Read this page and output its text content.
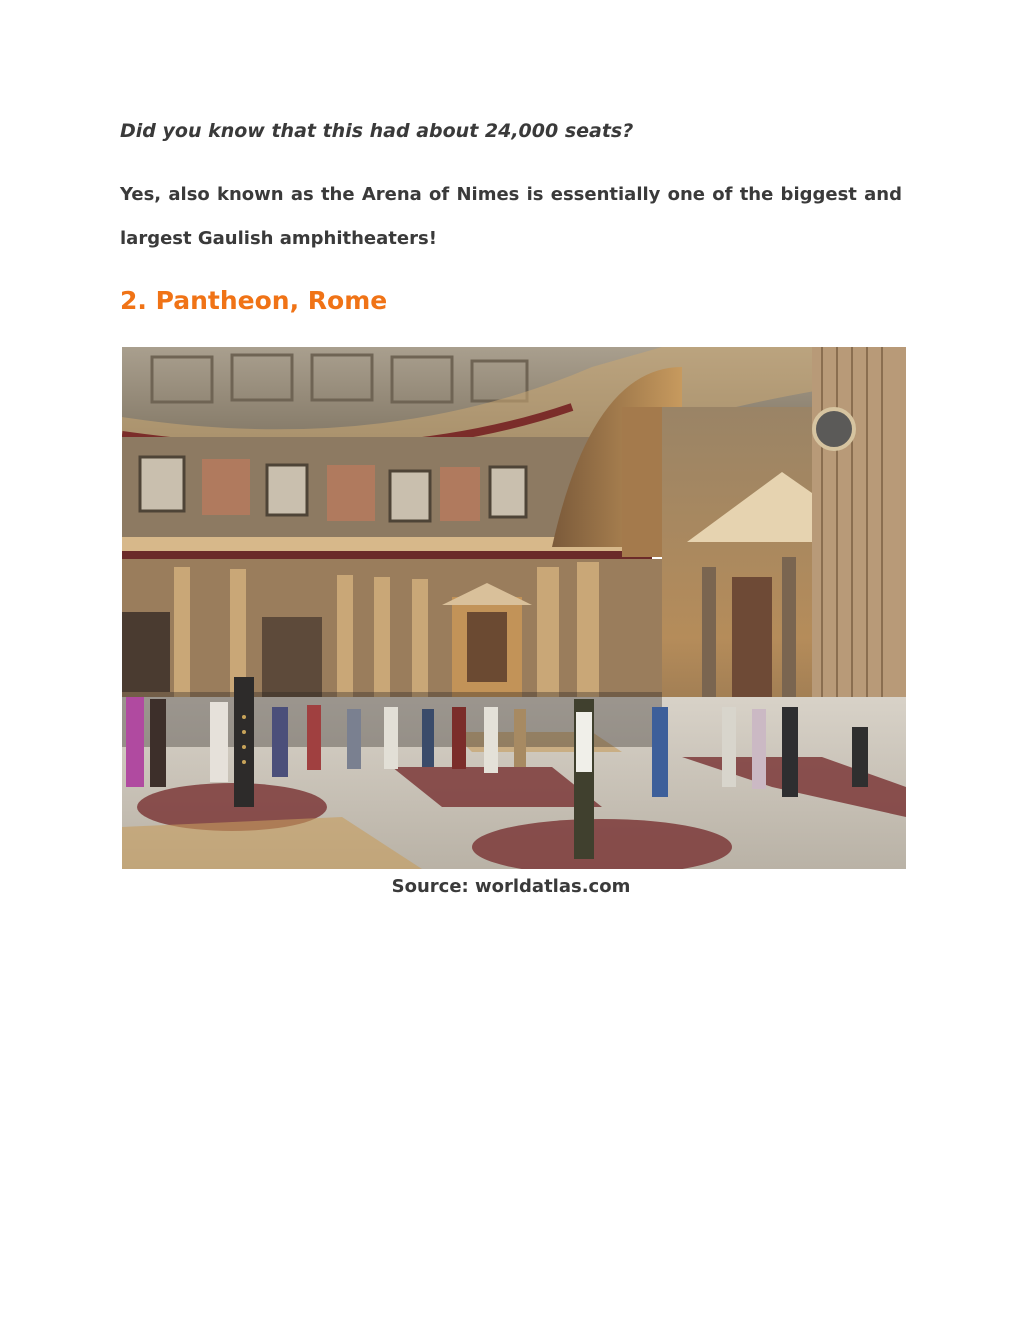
Did you know that this had about 24,000 seats?

Yes, also known as the Arena of Nimes is essentially one of the biggest and largest Gaulish amphitheaters!

2. Pantheon, Rome

Source: worldatlas.com
